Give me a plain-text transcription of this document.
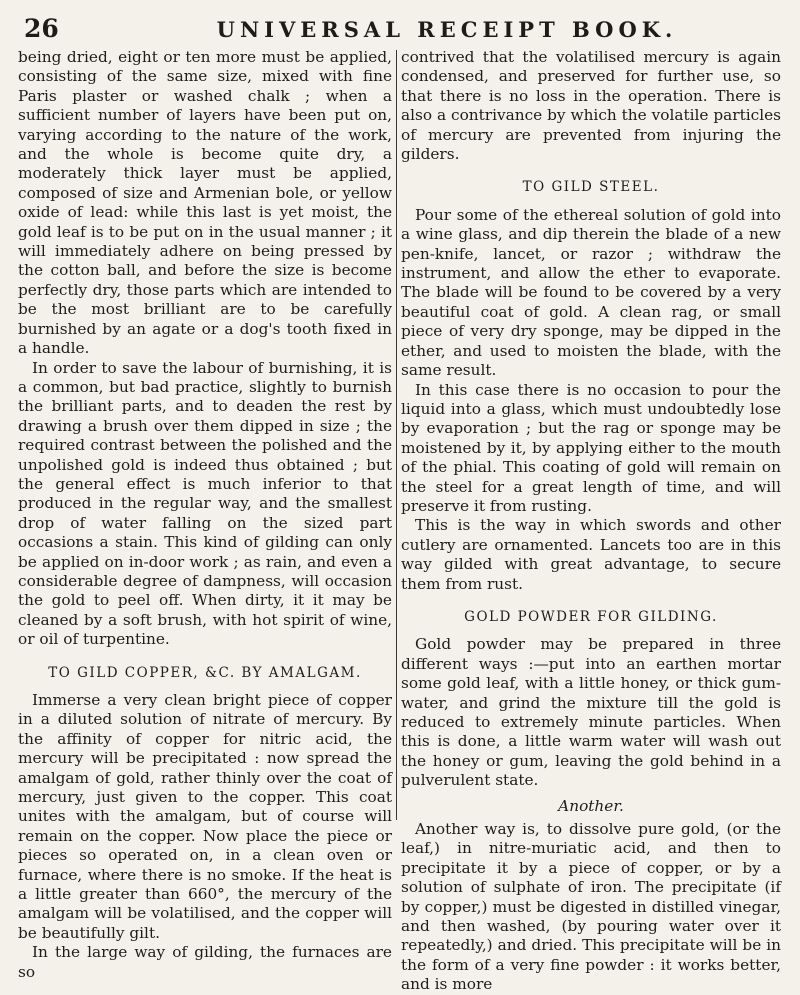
26	UNIVERSAL RECEIPT BOOK.

being dried, eight or ten more must be applied, consisting of the same size, mixed with fine Paris plaster or washed chalk ; when a sufficient number of layers have been put on, varying according to the nature of the work, and the whole is become quite dry, a moderately thick layer must be applied, composed of size and Armenian bole, or yellow oxide of lead: while this last is yet moist, the gold leaf is to be put on in the usual manner ; it will immediately adhere on being pressed by the cotton ball, and before the size is become perfectly dry, those parts which are intended to be the most brilliant are to be carefully burnished by an agate or a dog's tooth fixed in a handle.

In order to save the labour of burnishing, it is a common, but bad practice, slightly to burnish the brilliant parts, and to deaden the rest by drawing a brush over them dipped in size ; the required contrast between the polished and the unpolished gold is indeed thus obtained ; but the general effect is much inferior to that produced in the regular way, and the smallest drop of water falling on the sized part occasions a stain. This kind of gilding can only be applied on in-door work ; as rain, and even a considerable degree of dampness, will occasion the gold to peel off. When dirty, it it may be cleaned by a soft brush, with hot spirit of wine, or oil of turpentine.

TO GILD COPPER, &C. BY AMALGAM.

Immerse a very clean bright piece of copper in a diluted solution of nitrate of mercury. By the affinity of copper for nitric acid, the mercury will be precipitated : now spread the amalgam of gold, rather thinly over the coat of mercury, just given to the copper. This coat unites with the amalgam, but of course will remain on the copper. Now place the piece or pieces so operated on, in a clean oven or furnace, where there is no smoke. If the heat is a little greater than 660°, the mercury of the amalgam will be volatilised, and the copper will be beautifully gilt.

In the large way of gilding, the furnaces are so

contrived that the volatilised mercury is again condensed, and preserved for further use, so that there is no loss in the operation. There is also a contrivance by which the volatile particles of mercury are prevented from injuring the gilders.

TO GILD STEEL.

Pour some of the ethereal solution of gold into a wine glass, and dip therein the blade of a new pen-knife, lancet, or razor ; withdraw the instrument, and allow the ether to evaporate. The blade will be found to be covered by a very beautiful coat of gold. A clean rag, or small piece of very dry sponge, may be dipped in the ether, and used to moisten the blade, with the same result.

In this case there is no occasion to pour the liquid into a glass, which must undoubtedly lose by evaporation ; but the rag or sponge may be moistened by it, by applying either to the mouth of the phial. This coating of gold will remain on the steel for a great length of time, and will preserve it from rusting.

This is the way in which swords and other cutlery are ornamented. Lancets too are in this way gilded with great advantage, to secure them from rust.

GOLD POWDER FOR GILDING.

Gold powder may be prepared in three different ways :—put into an earthen mortar some gold leaf, with a little honey, or thick gum-water, and grind the mixture till the gold is reduced to extremely minute particles. When this is done, a little warm water will wash out the honey or gum, leaving the gold behind in a pulverulent state.

Another.

Another way is, to dissolve pure gold, (or the leaf,) in nitre-muriatic acid, and then to precipitate it by a piece of copper, or by a solution of sulphate of iron. The precipitate (if by copper,) must be digested in distilled vinegar, and then washed, (by pouring water over it repeatedly,) and dried. This precipitate will be in the form of a very fine powder : it works better, and is more
